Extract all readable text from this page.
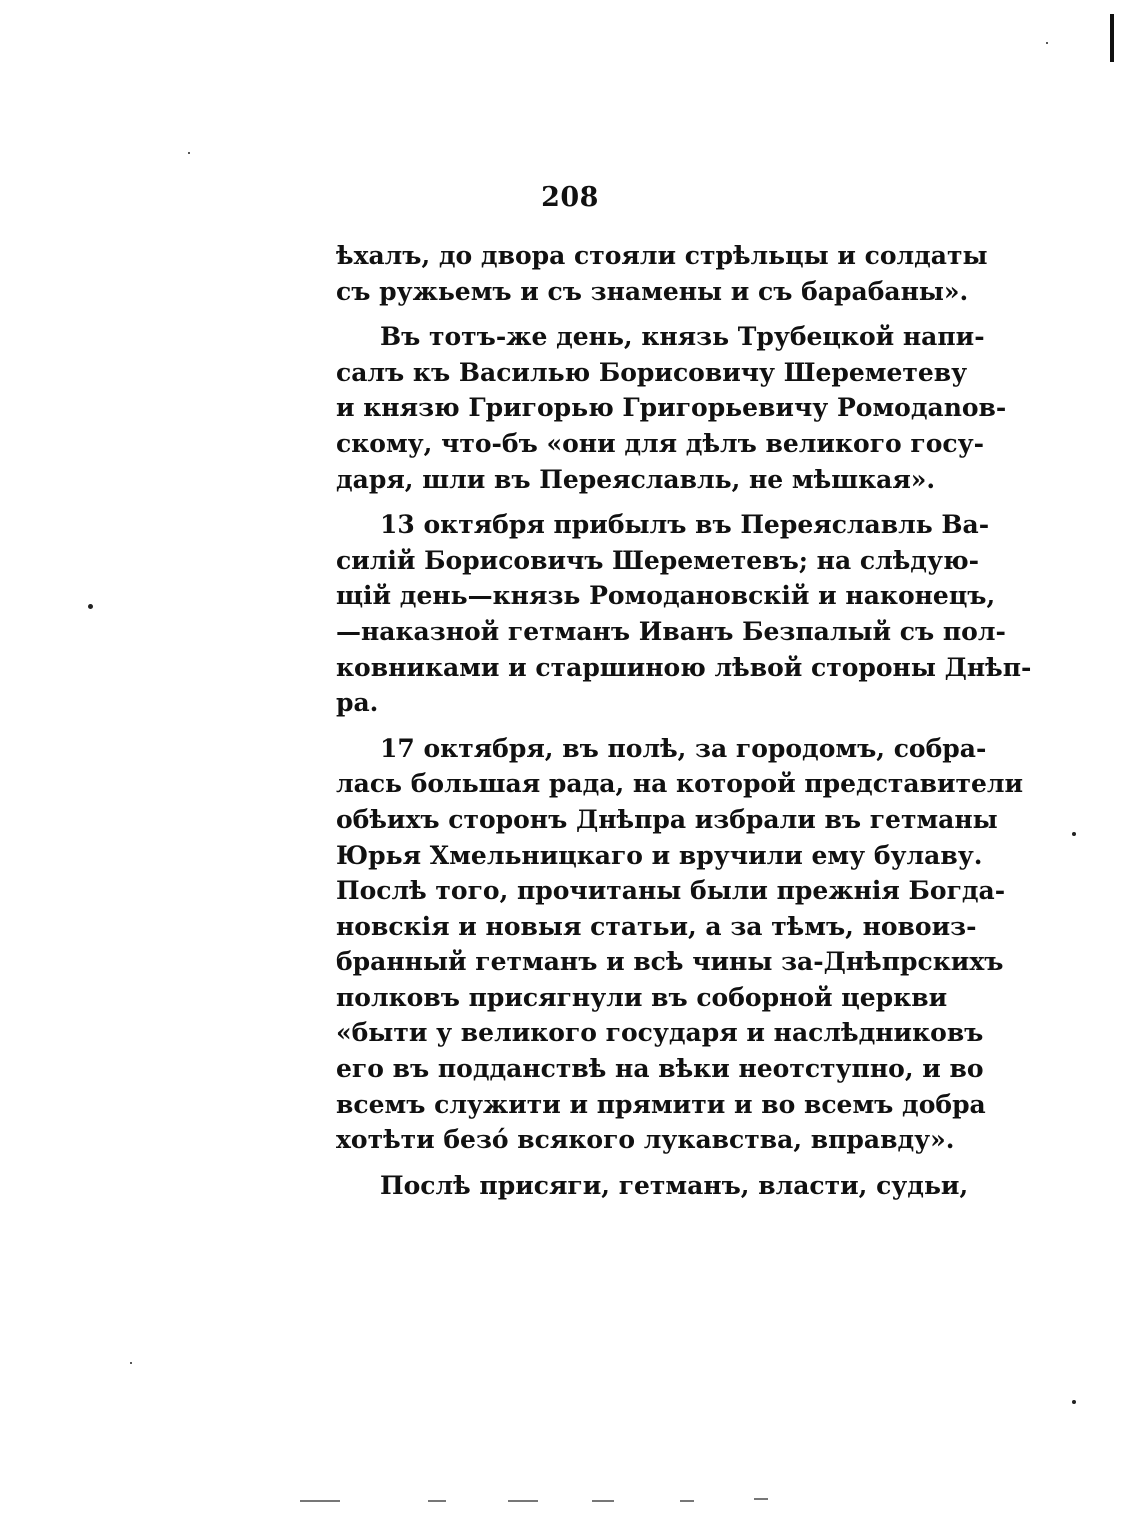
208
ѣхалъ, до двора стояли стрѣльцы и солдаты
съ ружьемъ и съ знамены и съ барабаны».
Въ тотъ-же день, князь Трубецкой напи-
салъ къ Василью Борисовичу Шереметеву
и князю Григорью Григорьевичу Ромодanов-
скому, что-бъ «они для дѣлъ великого госу-
даря, шли въ Переяславль, не мѣшкая».
13 октября прибылъ въ Переяславль Ва-
силій Борисовичъ Шереметевъ; на слѣдую-
щій день—князь Ромодановскій и наконецъ,
—наказной гетманъ Иванъ Безпалый съ пол-
ковниками и старшиною лѣвой стороны Днѣп-
ра.
17 октября, въ полѣ, за городомъ, собра-
лась большая рада, на которой представители
обѣихъ сторонъ Днѣпра избрали въ гетманы
Юрья Хмельницкаго и вручили ему булаву.
Послѣ того, прочитаны были прежнія Богда-
новскія и новыя статьи, а за тѣмъ, новоиз-
бранный гетманъ и всѣ чины за-Днѣпрскихъ
полковъ присягнули въ соборной церкви
«быти у великого государя и наслѣдниковъ
его въ подданствѣ на вѣки неотступно, и во
всемъ служити и прямити и во всемъ добра
хотѣти безо́ всякого лукавства, вправду».
Послѣ присяги, гетманъ, власти, судьи,
